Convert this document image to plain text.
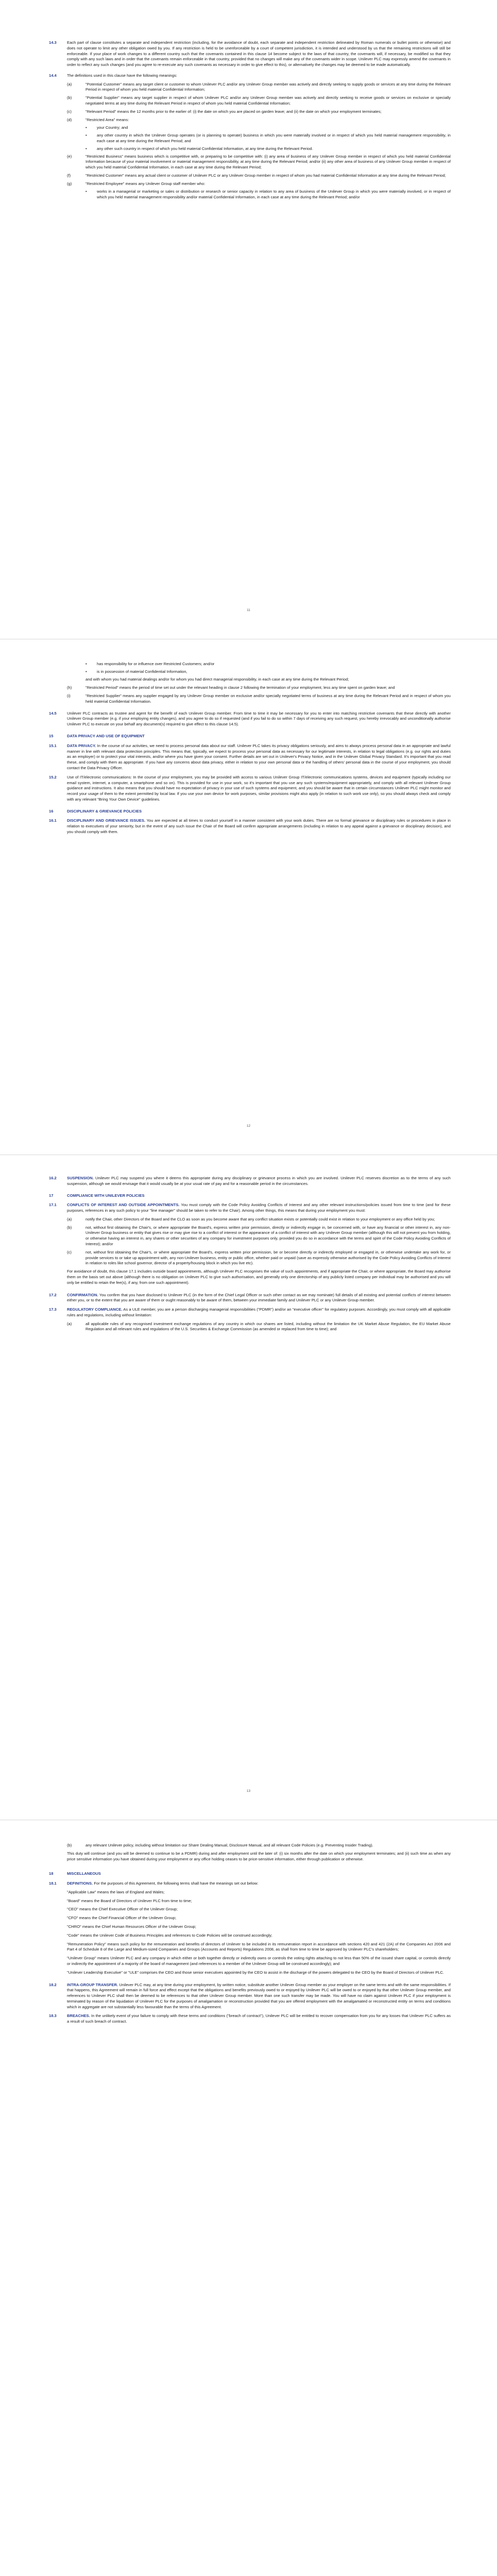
14.3	Each part of clause constitutes a separate and independent restriction (including, for the avoidance of doubt, each separate and independent restriction delineated by Roman numerals or bullet points or otherwise) and does not operate to limit any other obligation owed by you. If any restriction is held to be unenforceable by a court of competent jurisdiction, it is intended and understood by us that the remaining restrictions will still be enforceable. If your place of work changes to a different country such that the covenants contained in this clause 14 become subject to the laws of that country, the covenants will, if necessary, be modified so that they comply with any such laws and in order that the covenants remain enforceable in that country, provided that no changes will make any of the covenants wider in scope. Unilever PLC may expressly amend the covenants in order to reflect any such changes (and you agree to re-execute any such covenants as necessary in order to give effect to this), or alternatively the changes may be deemed to be made automatically.
14.4	The definitions used in this clause have the following meanings:

(a)	"Potential Customer" means any target client or customer to whom Unilever PLC and/or any Unilever Group member was actively and directly seeking to supply goods or services at any time during the Relevant Period in respect of whom you held material Confidential Information;
(b)	"Potential Supplier" means any target supplier in respect of whom Unilever PLC and/or any Unilever Group member was actively and directly seeking to receive goods or services on exclusive or specially negotiated terms at any time during the Relevant Period in respect of whom you held material Confidential Information;
(c)	"Relevant Period" means the 12 months prior to the earlier of: (i) the date on which you are placed on garden leave; and (ii) the date on which your employment terminates;
(d)	"Restricted Area" means:
•	your Country; and
•	any other country in which the Unilever Group operates (or is planning to operate) business in which you were materially involved or in respect of which you held material management responsibility, in each case at any time during the Relevant Period; and
•	any other such country in respect of which you held material Confidential Information, at any time during the Relevant Period.
(e)	"Restricted Business" means business which is competitive with, or preparing to be competitive with: (i) any area of business of any Unilever Group member in respect of which you held material Confidential Information because of your material involvement or material management responsibility, at any time during the Relevant Period; and/or (ii) any other area of business of any Unilever Group member in respect of which you held material Confidential Information, in each case at any time during the Relevant Period;
(f)	"Restricted Customer" means any actual client or customer of Unilever PLC or any Unilever Group member in respect of whom you had material Confidential Information at any time during the Relevant Period;
(g)	"Restricted Employee" means any Unilever Group staff member who:
•	works in a managerial or marketing or sales or distribution or research or senior capacity in relation to any area of business of the Unilever Group in which you were materially involved, or in respect of which you held material management responsibility and/or material Confidential Information, in each case at any time during the Relevant Period; and/or
11
•	has responsibility for or influence over Restricted Customers; and/or
•	is in possession of material Confidential Information,

and with whom you had material dealings and/or for whom you had direct managerial responsibility, in each case at any time during the Relevant Period;

(h)	"Restricted Period" means the period of time set out under the relevant heading in clause 2 following the termination of your employment, less any time spent on garden leave; and
(i)	"Restricted Supplier" means any supplier engaged by any Unilever Group member on exclusive and/or specially negotiated terms of business at any time during the Relevant Period and in respect of whom you held material Confidential Information.
14.5	Unilever PLC contracts as trustee and agent for the benefit of each Unilever Group member. From time to time it may be necessary for you to enter into matching restrictive covenants that these directly with another Unilever Group member (e.g. if your employing entity changes), and you agree to do so if requested (and if you fail to do so within 7 days of receiving any such request, you hereby irrevocably and unconditionally authorise Unilever PLC to execute on your behalf any document(s) required to give effect to this clause 14.5).
15	DATA PRIVACY AND USE OF EQUIPMENT
15.1	DATA PRIVACY. In the course of our activities, we need to process personal data about our staff. Unilever PLC takes its privacy obligations seriously, and aims to always process personal data in an appropriate and lawful manner in line with relevant data protection principles. This means that, typically, we expect to process your personal data as necessary for our legitimate interests, in relation to legal obligations (e.g. our rights and duties as an employer) or to protect your vital interests, and/or where you have given your consent. Further details are set out in Unilever's Privacy Notice, and in the Unilever Global Privacy Standard. It's important that you read these, and comply with them as appropriate. If you have any concerns about data privacy, either in relation to your own personal data or the handling of others' personal data in the course of your employment, you should contact the Data Privacy Officer.
15.2	Use of IT/electronic communications: In the course of your employment, you may be provided with access to various Unilever Group IT/electronic communications systems, devices and equipment (typically including our email system, internet, a computer, a smartphone and so on). This is provided for use in your work, so it's important that you use any such systems/equipment appropriately, and comply with all relevant Unilever Group guidance and instructions. It also means that you should have no expectation of privacy in your use of such systems and equipment, and you should be aware that in certain circumstances Unilever PLC might monitor and record your usage of them to the extent permitted by local law. If you use your own device for work purposes, similar provisions might also apply (in relation to such work use only), so you should always check and comply with any relevant "Bring Your Own Device" guidelines.
16	DISCIPLINARY & GRIEVANCE POLICIES
16.1	DISCIPLINARY AND GRIEVANCE ISSUES. You are expected at all times to conduct yourself in a manner consistent with your work duties. There are no formal grievance or disciplinary rules or procedures in place in relation to executives of your seniority, but in the event of any such issue the Chair of the Board will confirm appropriate arrangements (including in relation to any appeal against a grievance or disciplinary decision), and you should comply with them.
12
16.2	SUSPENSION. Unilever PLC may suspend you where it deems this appropriate during any disciplinary or grievance process in which you are involved. Unilever PLC reserves discretion as to the terms of any such suspension, although we would envisage that it would usually be at your usual rate of pay and for a reasonable period in the circumstances.
17	COMPLIANCE WITH UNILEVER POLICIES
17.1	CONFLICTS OF INTEREST AND OUTSIDE APPOINTMENTS. You must comply with the Code Policy Avoiding Conflicts of Interest and any other relevant instructions/policies issued from time to time (and for these purposes, references in any such policy to your "line manager" should be taken to refer to the Chair). Among other things, this means that during your employment you must:

(a)	notify the Chair, other Directors of the Board and the CLO as soon as you become aware that any conflict situation exists or potentially could exist in relation to your employment or any office held by you;
(b)	not, without first obtaining the Chair's, or where appropriate the Board's, express written prior permission, directly or indirectly engage in, be concerned with, or have any financial or other interest in, any non-Unilever Group business or entity that gives rise or may give rise to a conflict of interest or the appearance of a conflict of interest with any Unilever Group member (although this will not prevent you from holding, or otherwise having an interest in, any shares or other securities of any company for investment purposes only, provided you do so in accordance with the terms and spirit of the Code Policy Avoiding Conflicts of Interest); and/or
(c)	not, without first obtaining the Chair's, or where appropriate the Board's, express written prior permission, be or become directly or indirectly employed or engaged in, or otherwise undertake any work for, or provide services to or take up appointment with, any non-Unilever business, entity or public office, whether paid or unpaid (save as expressly otherwise authorised by the Code Policy Avoiding Conflicts of Interest in relation to roles like school governor, director of a property/housing block in which you live etc).

For avoidance of doubt, this clause 17.1 includes outside board appointments, although Unilever PLC recognises the value of such appointments, and if appropriate the Chair, or where appropriate, the Board may authorise them on the basis set out above (although there is no obligation on Unilever PLC to give such authorisation, and generally only one directorship of any publicly listed company per individual may be authorised and you will only be entitled to retain the fee(s), if any, from one such appointment).

17.2	CONFIRMATION. You confirm that you have disclosed to Unilever PLC (in the form of the Chief Legal Officer or such other contact as we may nominate) full details of all existing and potential conflicts of interest between either you, or to the extent that you are aware of them or ought reasonably to be aware of them, between your immediate family and Unilever PLC or any Unilever Group member.
17.3	REGULATORY COMPLIANCE. As a ULE member, you are a person discharging managerial responsibilities ("PDMR") and/or an "executive officer" for regulatory purposes. Accordingly, you must comply with all applicable rules and regulations, including without limitation:

(a)	all applicable rules of any recognised investment exchange regulations of any country in which our shares are listed, including without the limitation the UK Market Abuse Regulation, the EU Market Abuse Regulation and all relevant rules and regulations of the U.S. Securities & Exchange Commission (as amended or replaced from time to time); and
13
(b)	any relevant Unilever policy, including without limitation our Share Dealing Manual, Disclosure Manual, and all relevant Code Policies (e.g. Preventing Insider Trading).

This duty will continue (and you will be deemed to continue to be a PDMR) during and after employment until the later of: (i) six months after the date on which your employment terminates; and (ii) such time as when any price sensitive information you have obtained during your employment or any office holding ceases to be price-sensitive information, either through publication or otherwise.

18	MISCELLANEOUS
18.1	DEFINITIONS. For the purposes of this Agreement, the following terms shall have the meanings set out below:

"Applicable Law" means the laws of England and Wales;

"Board" means the Board of Directors of Unilever PLC from time to time;

"CEO" means the Chief Executive Officer of the Unilever Group;

"CFO" means the Chief Financial Officer of the Unilever Group;

"CHRO" means the Chief Human Resources Officer of the Unilever Group;

"Code" means the Unilever Code of Business Principles and references to Code Policies will be construed accordingly;

"Remuneration Policy" means such policy for the remuneration and benefits of directors of Unilever to be included in its remuneration report in accordance with sections 420 and 421 (2A) of the Companies Act 2006 and Part 4 of Schedule 8 of the Large and Medium-sized Companies and Groups (Accounts and Reports) Regulations 2008, as shall from time to time be approved by Unilever PLC's shareholders;

"Unilever Group" means Unilever PLC and any company in which either or both together directly or indirectly owns or controls the voting rights attaching to not less than 50% of the issued share capital, or controls directly or indirectly the appointment of a majority of the board of management (and references to a member of the Unilever Group will be construed accordingly); and

"Unilever Leadership Executive" or "ULE" comprises the CEO and those senior executives appointed by the CEO to assist in the discharge of the powers delegated to the CEO by the Board of Directors of Unilever PLC.

18.2	INTRA-GROUP TRANSFER. Unilever PLC may, at any time during your employment, by written notice, substitute another Unilever Group member as your employer on the same terms and with the same responsibilities. If that happens, this Agreement will remain in full force and effect except that the obligations and benefits previously owed to or enjoyed by Unilever PLC will be owed to or enjoyed by that other Unilever Group member, and references to Unilever PLC shall then be deemed to be references to that other Unilever Group member. More than one such transfer may be made. You will have no claim against Unilever PLC if your employment is terminated by reason of the liquidation of Unilever PLC for the purposes of amalgamation or reconstruction provided that you are offered employment with the amalgamated or reconstructed entity on terms and conditions which in aggregate are not substantially less favourable than the terms of this Agreement.
18.3	BREACHES. In the unlikely event of your failure to comply with these terms and conditions ("breach of contract"), Unilever PLC will be entitled to recover compensation from you for any losses that Unilever PLC suffers as a result of such breach of contract.
